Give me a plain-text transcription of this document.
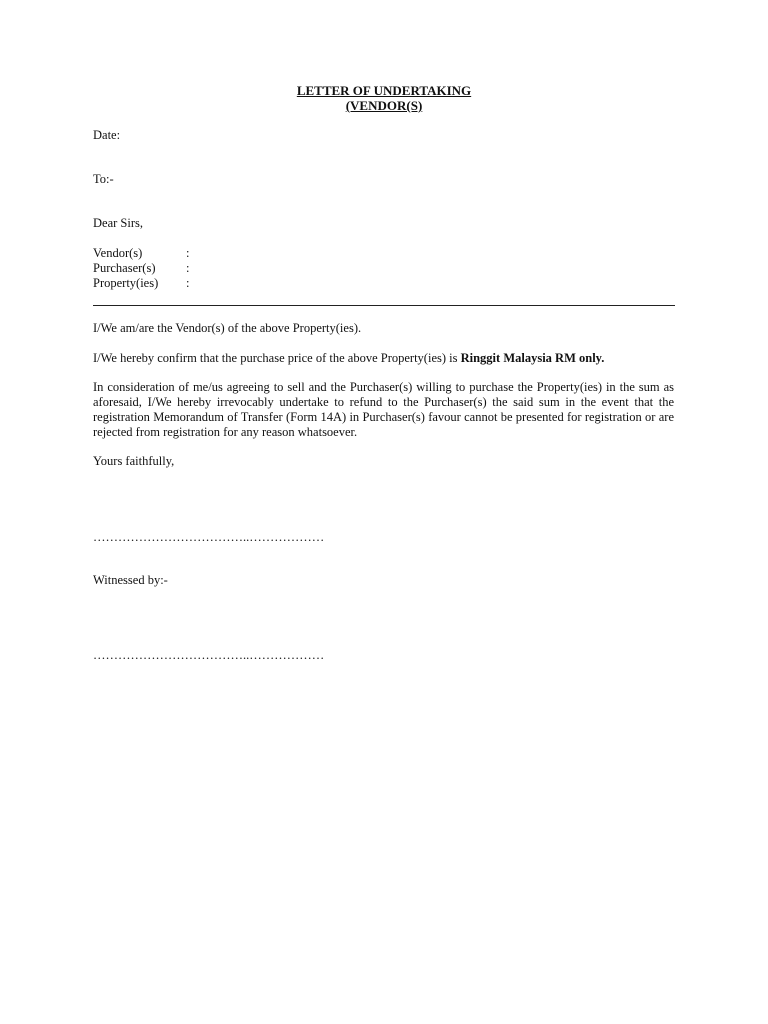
LETTER OF UNDERTAKING
(VENDOR(S)
Date:
To:-
Dear Sirs,
Vendor(s)	:
Purchaser(s) :
Property(ies) :
I/We am/are the Vendor(s) of the above Property(ies).
I/We hereby confirm that the purchase price of the above Property(ies) is Ringgit Malaysia RM only.
In consideration of me/us agreeing to sell and the Purchaser(s) willing to purchase the Property(ies) in the sum as aforesaid, I/We hereby irrevocably undertake to refund to the Purchaser(s) the said sum in the event that the registration Memorandum of Transfer (Form 14A) in Purchaser(s) favour cannot be presented for registration or are rejected from registration for any reason whatsoever.
Yours faithfully,
………………………………..………………
Witnessed by:-
………………………………..………………
